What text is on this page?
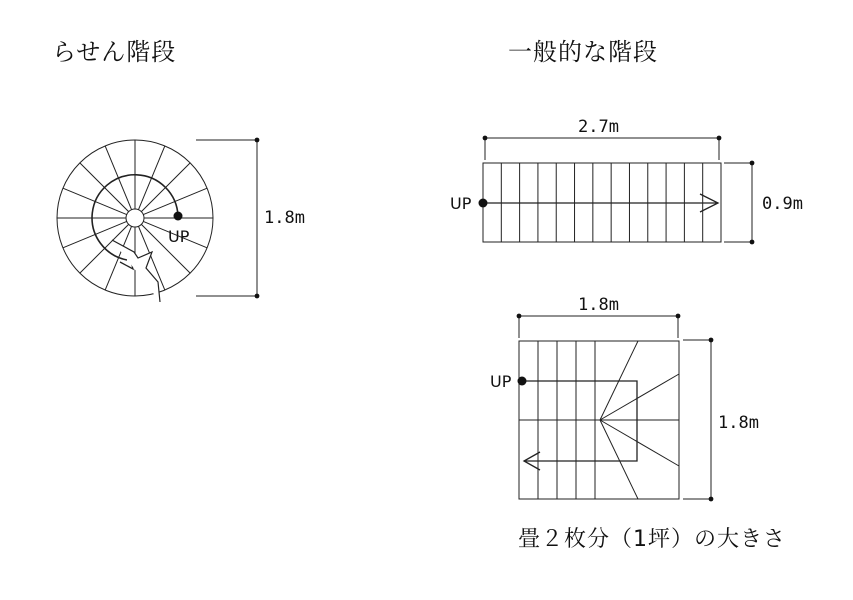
らせん階段	一般的な階段
UP
1.8m
UP
2.7m
0.9m
UP
1.8m
1.8m
畳２枚分（1坪）の大きさ
